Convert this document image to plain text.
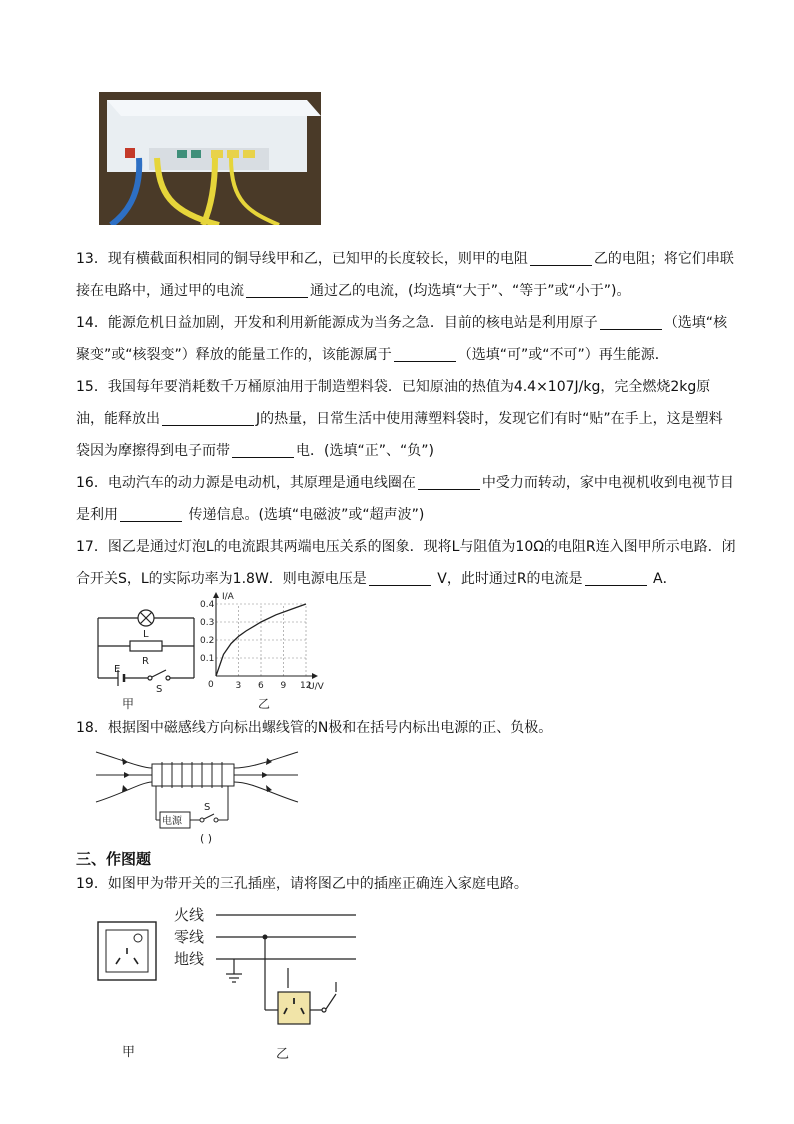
13．现有横截面积相同的铜导线甲和乙，已知甲的长度较长，则甲的电阻	乙的电阻；将它们串联接在电路中，通过甲的电流	通过乙的电流，(均选填“大于”、“等于”或“小于”)。
14．能源危机日益加剧，开发和利用新能源成为当务之急．目前的核电站是利用原子	（选填“核聚变”或“核裂变”）释放的能量工作的，该能源属于	（选填“可”或“不可”）再生能源．
15．我国每年要消耗数千万桶原油用于制造塑料袋．已知原油的热值为4.4×107J/kg，完全燃烧2kg原油，能释放出	J的热量，日常生活中使用薄塑料袋时，发现它们有时“贴”在手上，这是塑料袋因为摩擦得到电子而带	电．(选填“正”、“负”)
16．电动汽车的动力源是电动机，其原理是通电线圈在	中受力而转动，家中电视机收到电视节目是利用	传递信息。(选填“电磁波”或“超声波”)
17．图乙是通过灯泡L的电流跟其两端电压关系的图象．现将L与阻值为10Ω的电阻R连入图甲所示电路．闭合开关S，L的实际功率为1.8W．则电源电压是	V，此时通过R的电流是	A．
L
R
E
S
甲
0.1
0.2
0.3
0.4
3 6 9 12
I/A
U/V
0
乙
18．根据图中磁感线方向标出螺线管的N极和在括号内标出电源的正、负极。
电源
S
( )
三、作图题
19．如图甲为带开关的三孔插座，请将图乙中的插座正确连入家庭电路。
甲
火线
零线
地线
乙
